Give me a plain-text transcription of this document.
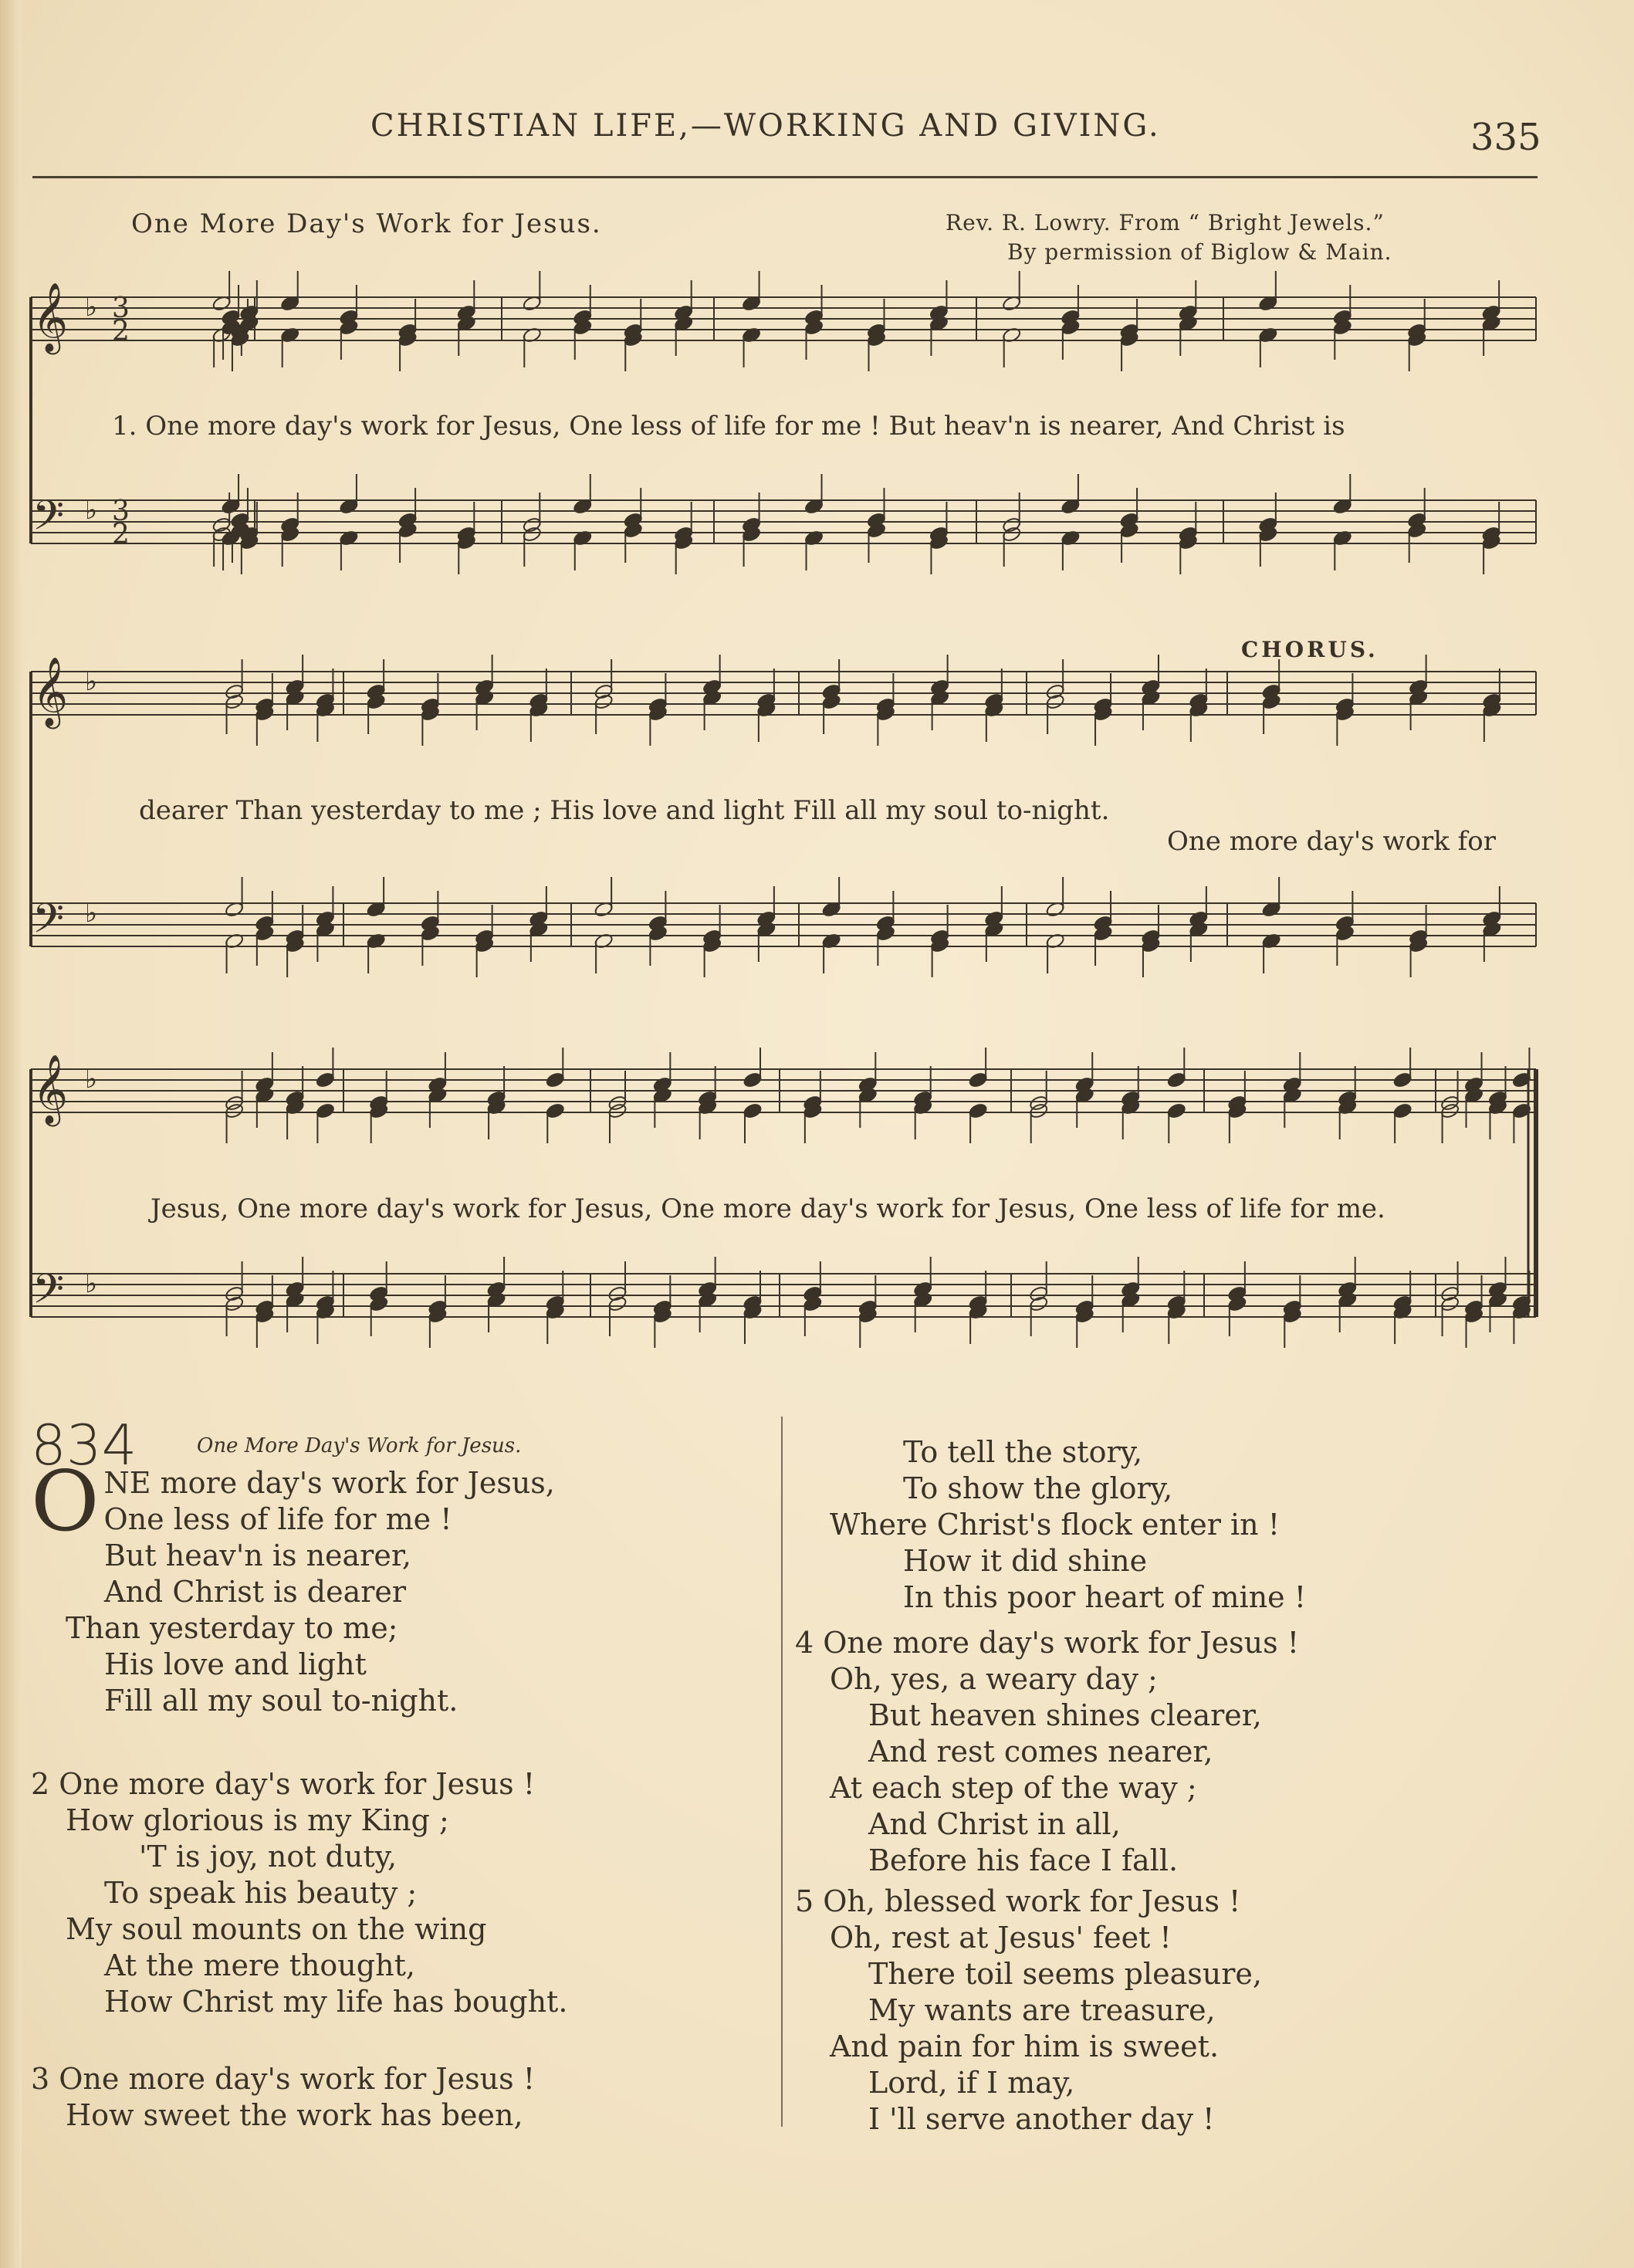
CHRISTIAN LIFE,—WORKING AND GIVING.	335
One More Day's Work for Jesus.	Rev. R. Lowry. From “ Bright Jewels.”
By permission of Biglow & Main.
𝄞 ♭
𝄢 ♭
𝄞 ♭
𝄢 ♭
𝄞 ♭
𝄢 ♭
3
2
3
2
1. One more day's work for Jesus, One less of life for me ! But heav'n is nearer, And Christ is
dearer Than yesterday to me ; His love and light Fill all my soul to-night.
One more day's work for
CHORUS.
Jesus, One more day's work for Jesus, One more day's work for Jesus, One less of life for me.
834	One More Day's Work for Jesus.
O NE more day's work for Jesus,
One less of life for me !
But heav'n is nearer,
And Christ is dearer
Than yesterday to me;
His love and light
Fill all my soul to-night.
2 One more day's work for Jesus !
How glorious is my King ;
'T is joy, not duty,
To speak his beauty ;
My soul mounts on the wing
At the mere thought,
How Christ my life has bought.
3 One more day's work for Jesus !
How sweet the work has been,
To tell the story,
To show the glory,
Where Christ's flock enter in !
How it did shine
In this poor heart of mine !
4 One more day's work for Jesus !
Oh, yes, a weary day ;
But heaven shines clearer,
And rest comes nearer,
At each step of the way ;
And Christ in all,
Before his face I fall.
5 Oh, blessed work for Jesus !
Oh, rest at Jesus' feet !
There toil seems pleasure,
My wants are treasure,
And pain for him is sweet.
Lord, if I may,
I 'll serve another day !
